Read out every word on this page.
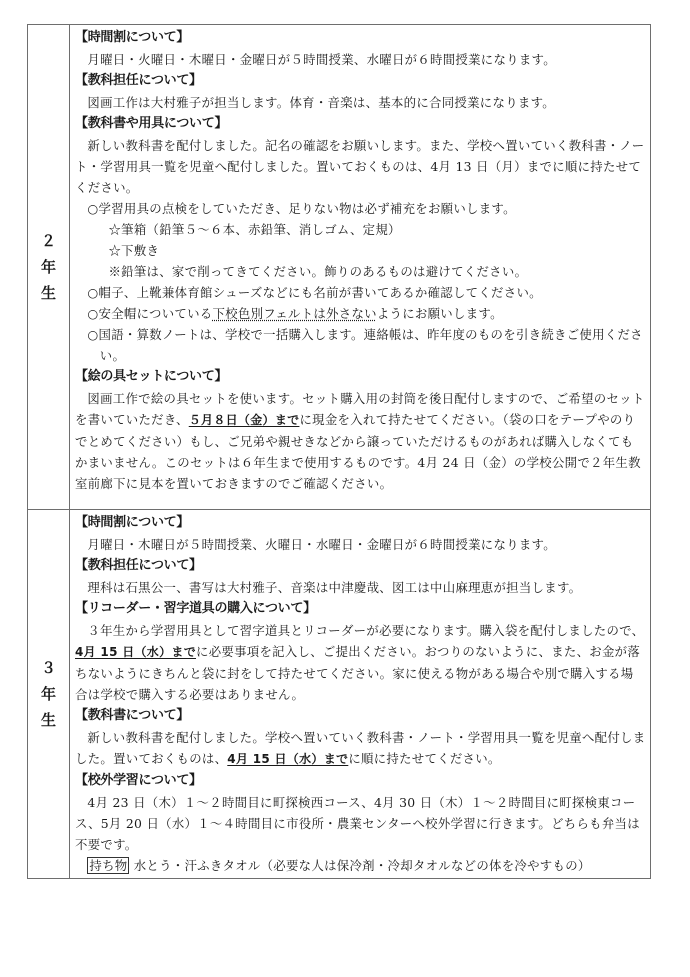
２
年
生

【時間割について】

月曜日・火曜日・木曜日・金曜日が５時間授業、水曜日が６時間授業になります。

【教科担任について】

図画工作は大村雅子が担当します。体育・音楽は、基本的に合同授業になります。

【教科書や用具について】

新しい教科書を配付しました。記名の確認をお願いします。また、学校へ置いていく教科書・ノート・学習用具一覧を児童へ配付しました。置いておくものは、4月 13 日（月）までに順に持たせてください。

○学習用具の点検をしていただき、足りない物は必ず補充をお願いします。

☆筆箱（鉛筆５～６本、赤鉛筆、消しゴム、定規）

☆下敷き

※鉛筆は、家で削ってきてください。飾りのあるものは避けてください。

○帽子、上靴兼体育館シューズなどにも名前が書いてあるか確認してください。

○安全帽についている下校色別フェルトは外さないようにお願いします。

○国語・算数ノートは、学校で一括購入します。連絡帳は、昨年度のものを引き続きご使用ください。

【絵の具セットについて】

図画工作で絵の具セットを使います。セット購入用の封筒を後日配付しますので、ご希望のセットを書いていただき、５月８日（金）までに現金を入れて持たせてください。（袋の口をテープやのりでとめてください）もし、ご兄弟や親せきなどから譲っていただけるものがあれば購入しなくてもかまいません。このセットは６年生まで使用するものです。4月 24 日（金）の学校公開で２年生教室前廊下に見本を置いておきますのでご確認ください。

３
年
生

【時間割について】

月曜日・木曜日が５時間授業、火曜日・水曜日・金曜日が６時間授業になります。

【教科担任について】

理科は石黒公一、書写は大村雅子、音楽は中津慶哉、図工は中山麻理恵が担当します。

【リコーダー・習字道具の購入について】

３年生から学習用具として習字道具とリコーダーが必要になります。購入袋を配付しましたので、4月 15 日（水）までに必要事項を記入し、ご提出ください。おつりのないように、また、お金が落ちないようにきちんと袋に封をして持たせてください。家に使える物がある場合や別で購入する場合は学校で購入する必要はありません。

【教科書について】

新しい教科書を配付しました。学校へ置いていく教科書・ノート・学習用具一覧を児童へ配付しました。置いておくものは、4月 15 日（水）までに順に持たせてください。

【校外学習について】

4月 23 日（木）１～２時間目に町探検西コース、4月 30 日（木）１～２時間目に町探検東コース、5月 20 日（水）１～４時間目に市役所・農業センターへ校外学習に行きます。どちらも弁当は不要です。

持ち物 水とう・汗ふきタオル（必要な人は保冷剤・冷却タオルなどの体を冷やすもの）
